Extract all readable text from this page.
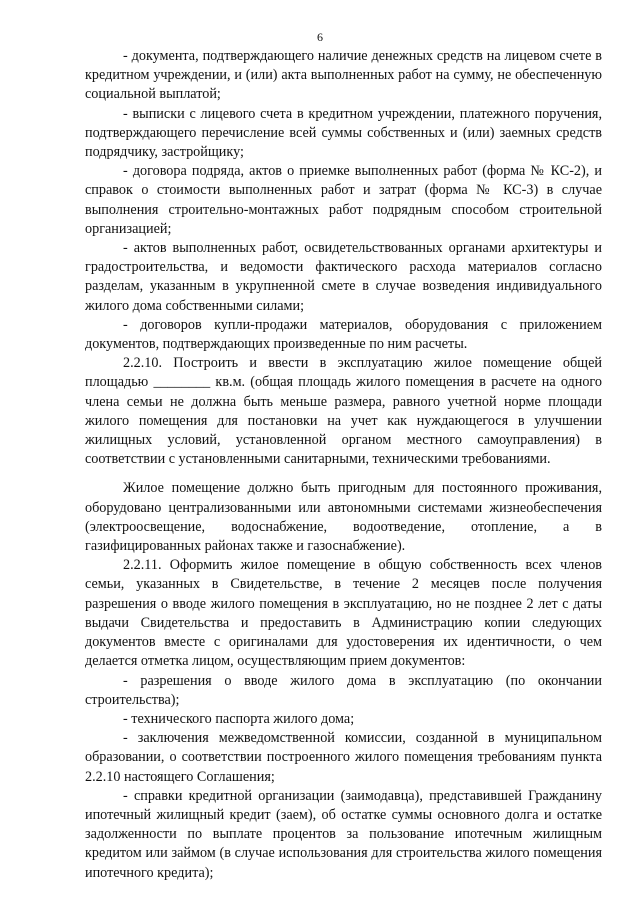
6

- документа, подтверждающего наличие денежных средств на лицевом счете в кредитном учреждении, и (или) акта выполненных работ на сумму, не обеспеченную социальной выплатой;

- выписки с лицевого счета в кредитном учреждении, платежного поручения, подтверждающего перечисление всей суммы собственных и (или) заемных средств подрядчику, застройщику;

- договора подряда, актов о приемке выполненных работ (форма № КС-2), и справок о стоимости выполненных работ и затрат (форма № КС-3) в случае выполнения строительно-монтажных работ подрядным способом строительной организацией;

- актов выполненных работ, освидетельствованных органами архитектуры и градостроительства, и ведомости фактического расхода материалов согласно разделам, указанным в укрупненной смете в случае возведения индивидуального жилого дома собственными силами;

- договоров купли-продажи материалов, оборудования с приложением документов, подтверждающих произведенные по ним расчеты.

2.2.10. Построить и ввести в эксплуатацию жилое помещение общей площадью ________ кв.м. (общая площадь жилого помещения в расчете на одного члена семьи не должна быть меньше размера, равного учетной норме площади жилого помещения для постановки на учет как нуждающегося в улучшении жилищных условий, установленной органом местного самоуправления) в соответствии с установленными санитарными, техническими требованиями.

Жилое помещение должно быть пригодным для постоянного проживания, оборудовано централизованными или автономными системами жизнеобеспечения (электроосвещение, водоснабжение, водоотведение, отопление, а в газифицированных районах также и газоснабжение).

2.2.11. Оформить жилое помещение в общую собственность всех членов семьи, указанных в Свидетельстве, в течение 2 месяцев после получения разрешения о вводе жилого помещения в эксплуатацию, но не позднее 2 лет с даты выдачи Свидетельства и предоставить в Администрацию копии следующих документов вместе с оригиналами для удостоверения их идентичности, о чем делается отметка лицом, осуществляющим прием документов:

- разрешения о вводе жилого дома в эксплуатацию (по окончании строительства);

- технического паспорта жилого дома;

- заключения межведомственной комиссии, созданной в муниципальном образовании, о соответствии построенного жилого помещения требованиям пункта 2.2.10 настоящего Соглашения;

- справки кредитной организации (заимодавца), представившей Гражданину ипотечный жилищный кредит (заем), об остатке суммы основного долга и остатке задолженности по выплате процентов за пользование ипотечным жилищным кредитом или займом (в случае использования для строительства жилого помещения ипотечного кредита);
